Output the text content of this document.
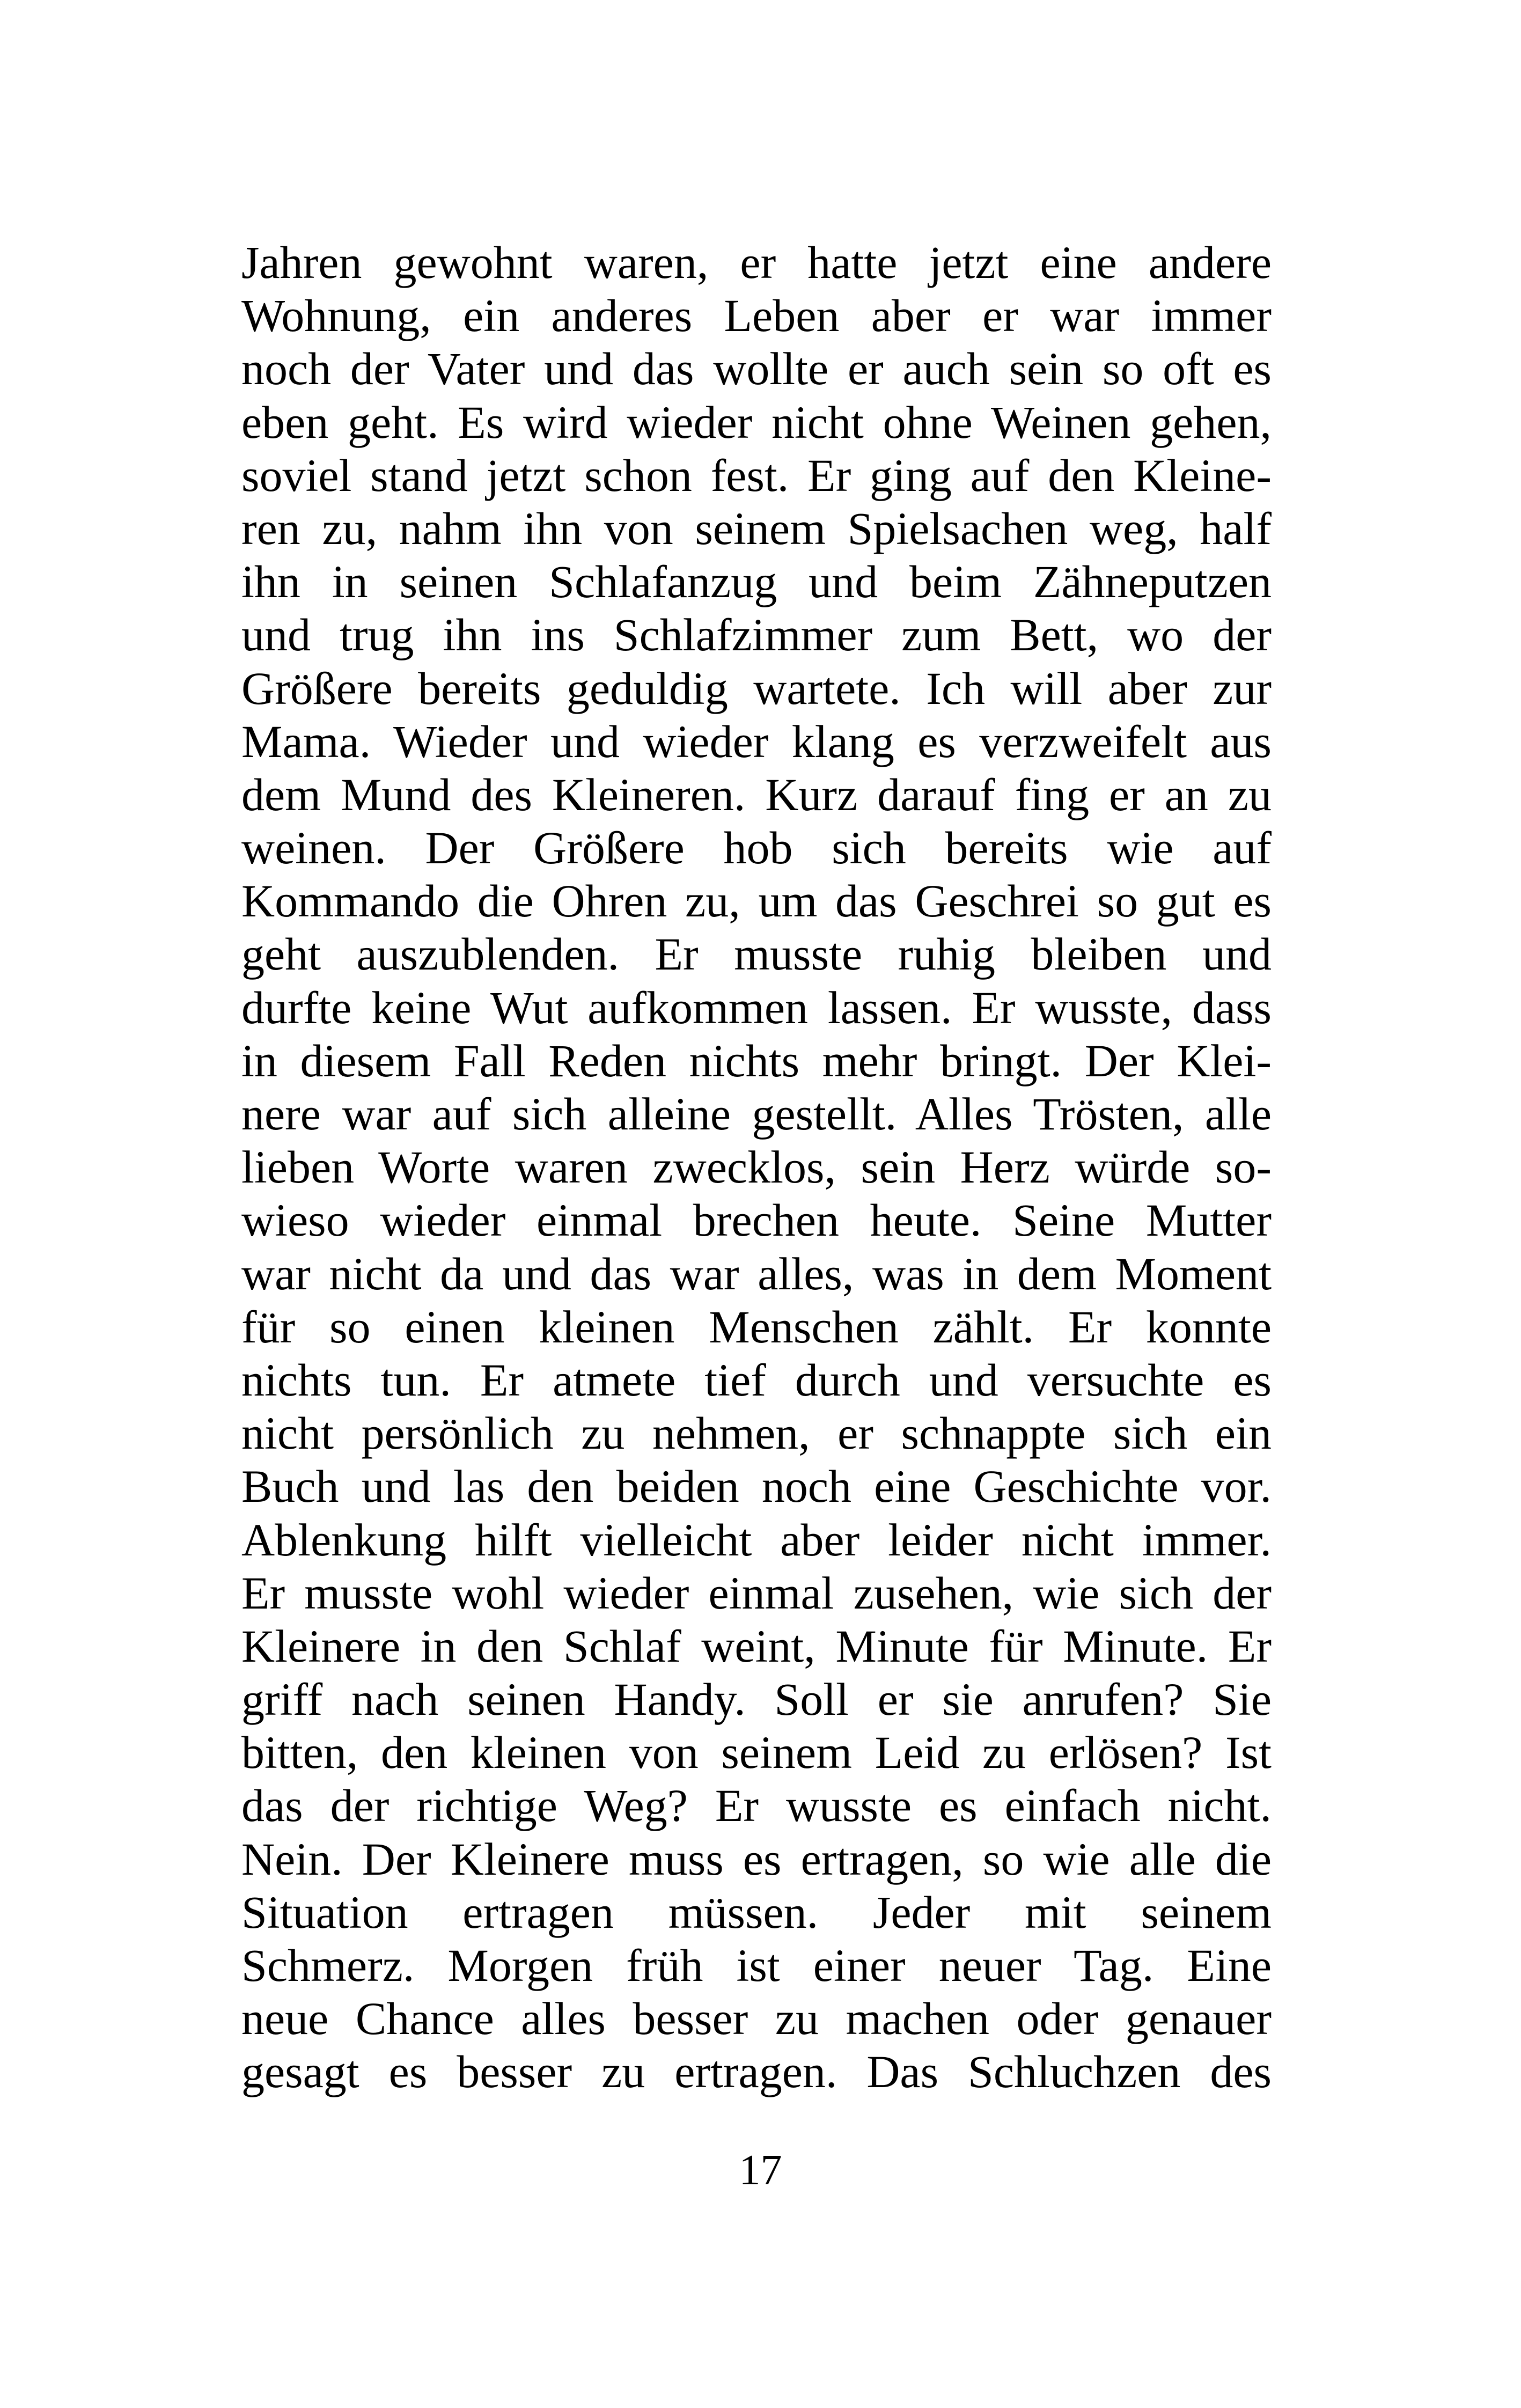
Jahren gewohnt waren, er hatte jetzt eine andere
Wohnung, ein anderes Leben aber er war immer
noch der Vater und das wollte er auch sein so oft es
eben geht. Es wird wieder nicht ohne Weinen gehen,
soviel stand jetzt schon fest. Er ging auf den Kleine-
ren zu, nahm ihn von seinem Spielsachen weg, half
ihn in seinen Schlafanzug und beim Zähneputzen
und trug ihn ins Schlafzimmer zum Bett, wo der
Größere bereits geduldig wartete. Ich will aber zur
Mama. Wieder und wieder klang es verzweifelt aus
dem Mund des Kleineren. Kurz darauf fing er an zu
weinen. Der Größere hob sich bereits wie auf
Kommando die Ohren zu, um das Geschrei so gut es
geht auszublenden. Er musste ruhig bleiben und
durfte keine Wut aufkommen lassen. Er wusste, dass
in diesem Fall Reden nichts mehr bringt. Der Klei-
nere war auf sich alleine gestellt. Alles Trösten, alle
lieben Worte waren zwecklos, sein Herz würde so-
wieso wieder einmal brechen heute. Seine Mutter
war nicht da und das war alles, was in dem Moment
für so einen kleinen Menschen zählt. Er konnte
nichts tun. Er atmete tief durch und versuchte es
nicht persönlich zu nehmen, er schnappte sich ein
Buch und las den beiden noch eine Geschichte vor.
Ablenkung hilft vielleicht aber leider nicht immer.
Er musste wohl wieder einmal zusehen, wie sich der
Kleinere in den Schlaf weint, Minute für Minute. Er
griff nach seinen Handy. Soll er sie anrufen? Sie
bitten, den kleinen von seinem Leid zu erlösen? Ist
das der richtige Weg? Er wusste es einfach nicht.
Nein. Der Kleinere muss es ertragen, so wie alle die
Situation ertragen müssen. Jeder mit seinem
Schmerz. Morgen früh ist einer neuer Tag. Eine
neue Chance alles besser zu machen oder genauer
gesagt es besser zu ertragen. Das Schluchzen des
17
